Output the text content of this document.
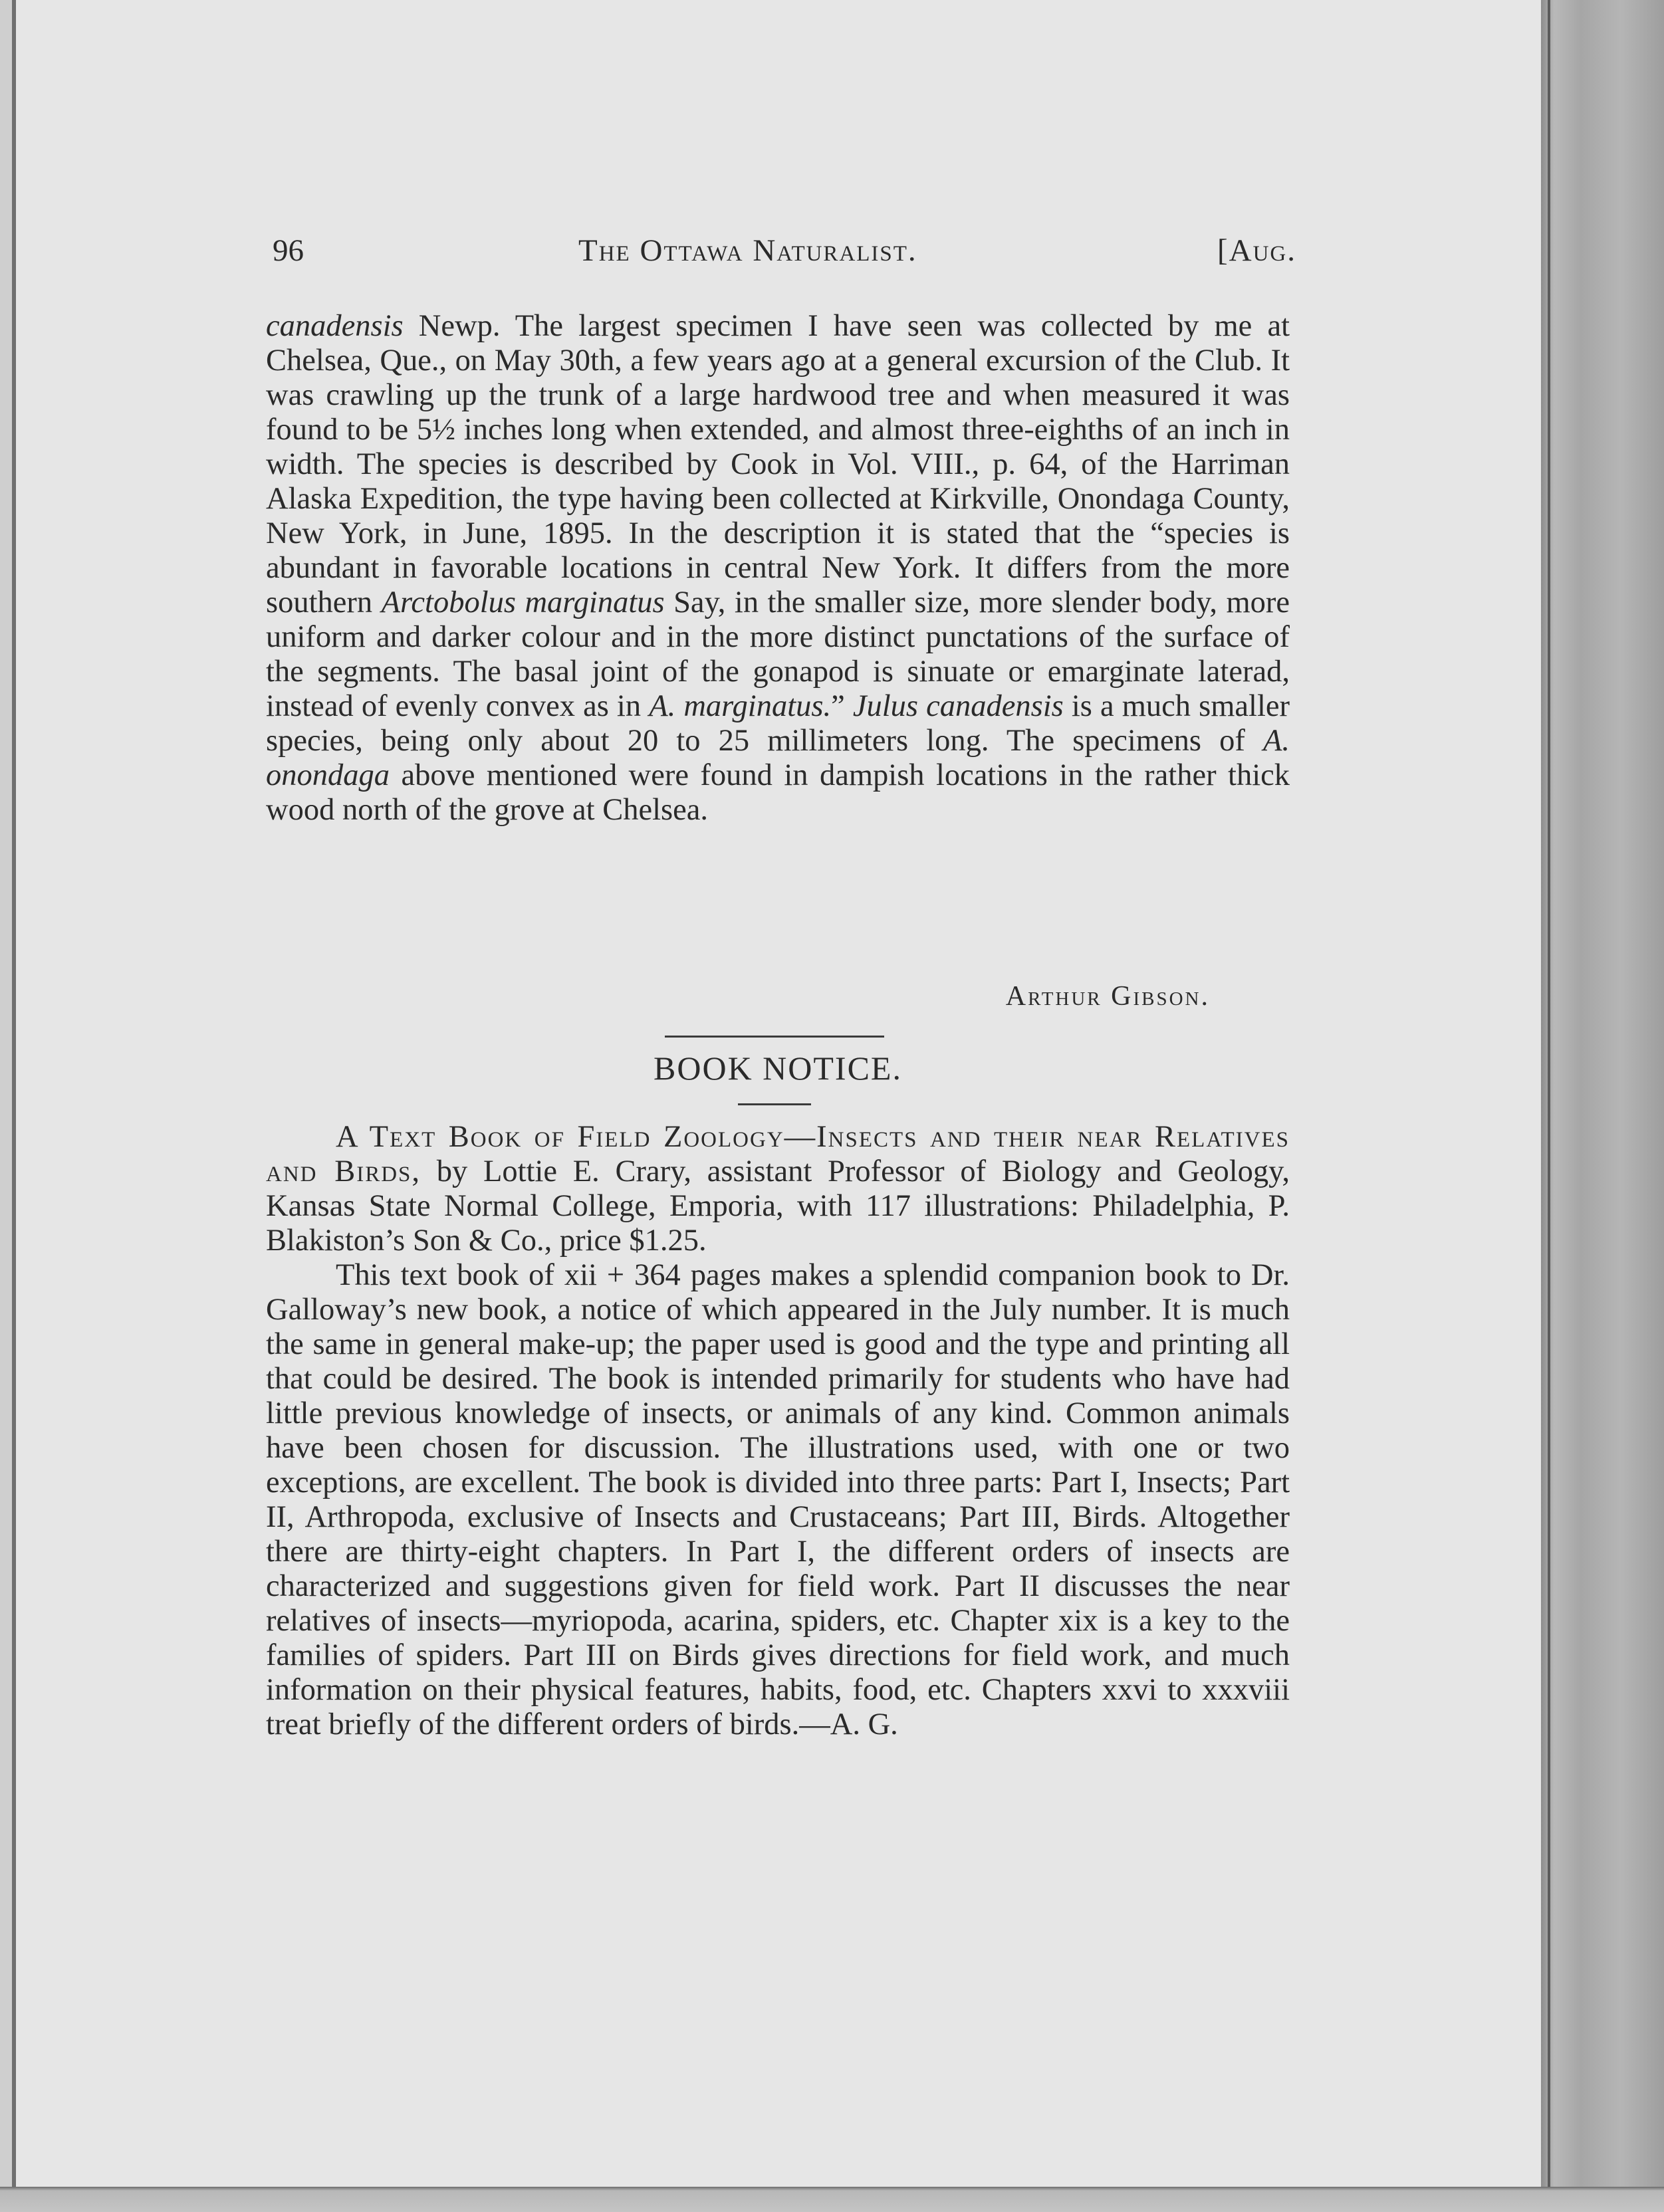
96	The Ottawa Naturalist.	[Aug.

canadensis Newp. The largest specimen I have seen was collected by me at Chelsea, Que., on May 30th, a few years ago at a general excursion of the Club. It was crawling up the trunk of a large hardwood tree and when measured it was found to be 5½ inches long when extended, and almost three-eighths of an inch in width. The species is described by Cook in Vol. VIII., p. 64, of the Harriman Alaska Expedition, the type having been collected at Kirkville, Onondaga County, New York, in June, 1895. In the description it is stated that the “species is abundant in favorable locations in central New York. It differs from the more southern Arctobolus marginatus Say, in the smaller size, more slender body, more uniform and darker colour and in the more distinct punctations of the surface of the segments. The basal joint of the gonapod is sinuate or emarginate laterad, instead of evenly convex as in A. marginatus.” Julus canadensis is a much smaller species, being only about 20 to 25 millimeters long. The specimens of A. onondaga above mentioned were found in dampish locations in the rather thick wood north of the grove at Chelsea.

Arthur Gibson.
BOOK NOTICE.

A Text Book of Field Zoology—Insects and their near Relatives and Birds, by Lottie E. Crary, assistant Professor of Biology and Geology, Kansas State Normal College, Emporia, with 117 illustrations: Philadelphia, P. Blakiston’s Son & Co., price $1.25.

This text book of xii + 364 pages makes a splendid companion book to Dr. Galloway’s new book, a notice of which appeared in the July number. It is much the same in general make-up; the paper used is good and the type and printing all that could be desired. The book is intended primarily for students who have had little previous knowledge of insects, or animals of any kind. Common animals have been chosen for discussion. The illustrations used, with one or two exceptions, are excellent. The book is divided into three parts: Part I, Insects; Part II, Arthropoda, exclusive of Insects and Crustaceans; Part III, Birds. Altogether there are thirty-eight chapters. In Part I, the different orders of insects are characterized and suggestions given for field work. Part II discusses the near relatives of insects—myriopoda, acarina, spiders, etc. Chapter xix is a key to the families of spiders. Part III on Birds gives directions for field work, and much information on their physical features, habits, food, etc. Chapters xxvi to xxxviii treat briefly of the different orders of birds.—A. G.
